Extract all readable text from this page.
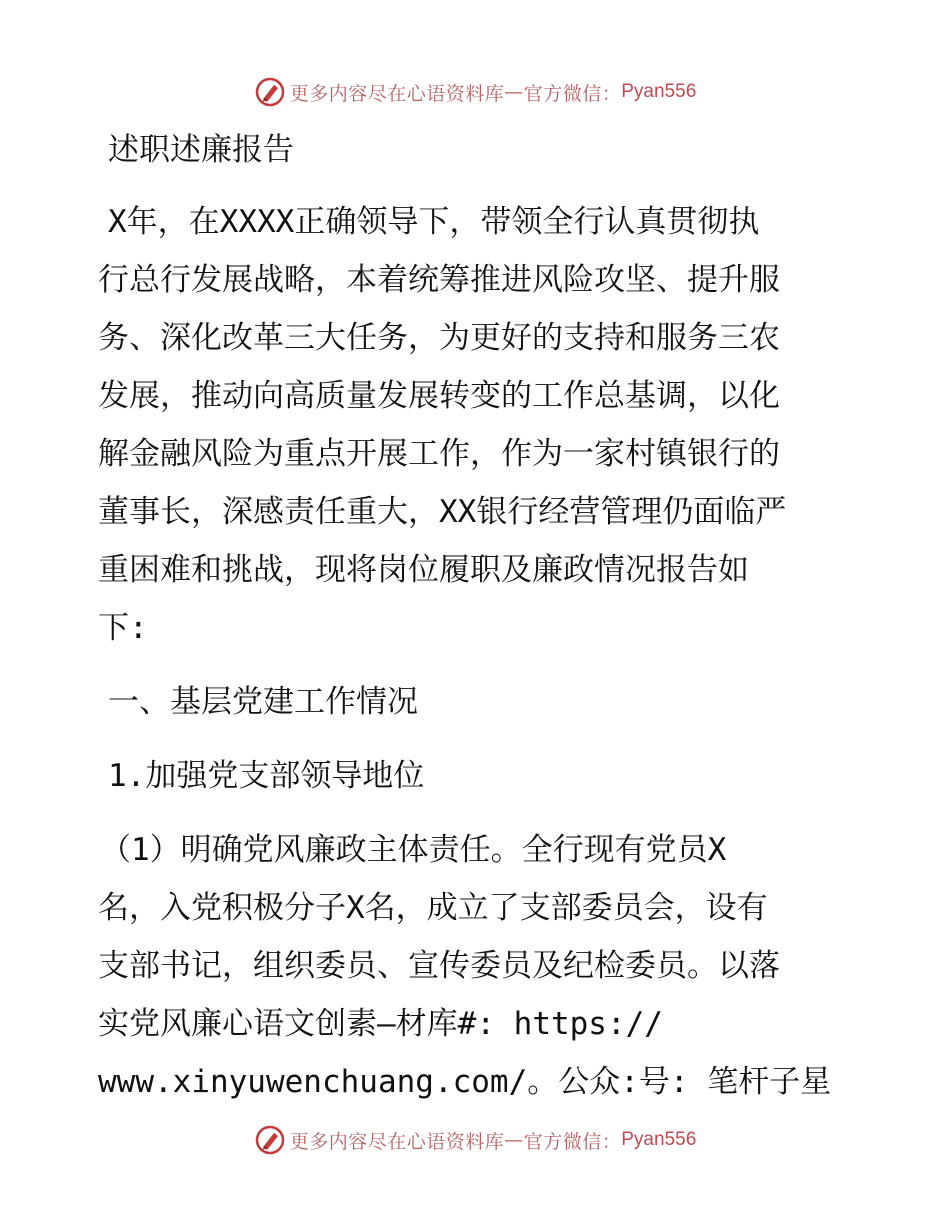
更多内容尽在心语资料库 — 官方微信： Pyan556
述职述廉报告
X年，在XXXX正确领导下，带领全行认真贯彻执
行总行发展战略，本着统筹推进风险攻坚、提升服
务、深化改革三大任务，为更好的支持和服务三农
发展，推动向高质量发展转变的工作总基调，以化
解金融风险为重点开展工作，作为一家村镇银行的
董事长，深感责任重大，XX银行经营管理仍面临严
重困难和挑战，现将岗位履职及廉政情况报告如
下:
一、基层党建工作情况
1.加强党支部领导地位
（1）明确党风廉政主体责任。全行现有党员X
名，入党积极分子X名，成立了支部委员会，设有
支部书记，组织委员、宣传委员及纪检委员。以落
实党风廉心语文创素—材库#: https://
www.xinyuwenchuang.com/。公众:号: 笔杆子星
更多内容尽在心语资料库 — 官方微信： Pyan556
